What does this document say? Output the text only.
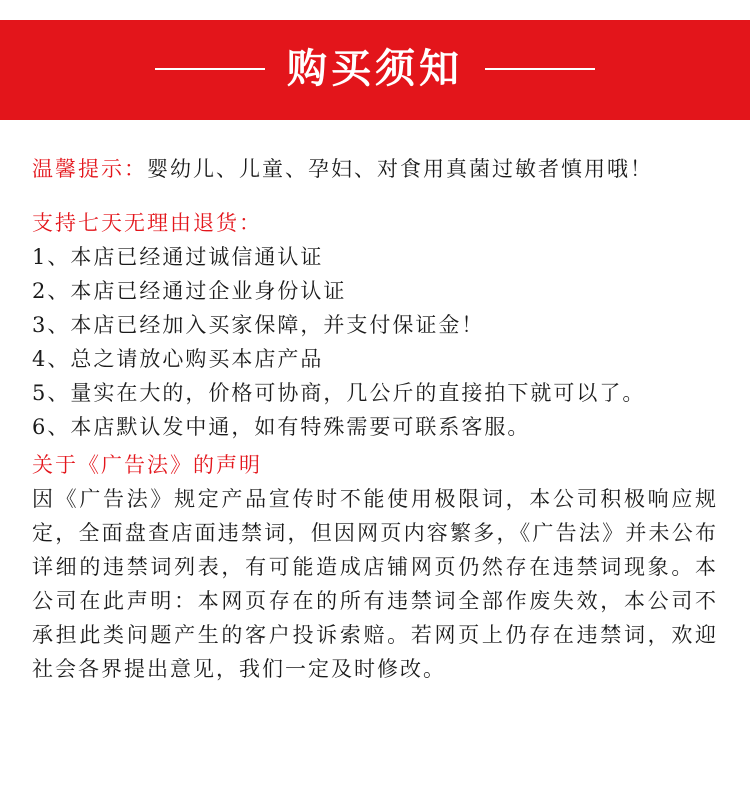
购买须知
温馨提示：婴幼儿、儿童、孕妇、对食用真菌过敏者慎用哦！
支持七天无理由退货：
1、本店已经通过诚信通认证
2、本店已经通过企业身份认证
3、本店已经加入买家保障，并支付保证金！
4、总之请放心购买本店产品
5、量实在大的，价格可协商，几公斤的直接拍下就可以了。
6、本店默认发中通，如有特殊需要可联系客服。
关于《广告法》的声明
因《广告法》规定产品宣传时不能使用极限词，本公司积极响应规定，全面盘查店面违禁词，但因网页内容繁多，《广告法》并未公布详细的违禁词列表，有可能造成店铺网页仍然存在违禁词现象。本公司在此声明：本网页存在的所有违禁词全部作废失效，本公司不承担此类问题产生的客户投诉索赔。若网页上仍存在违禁词，欢迎社会各界提出意见，我们一定及时修改。
